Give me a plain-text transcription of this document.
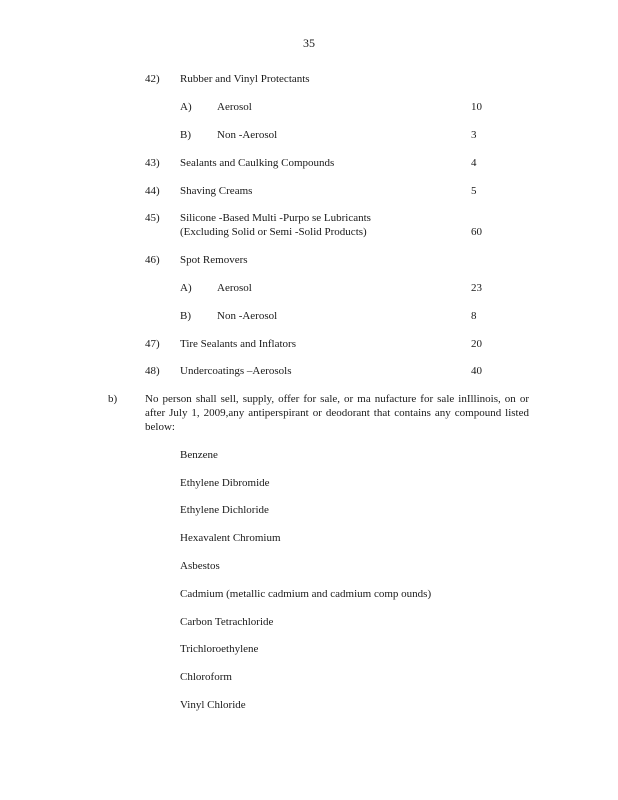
35
42) Rubber and Vinyl Protectants
A) Aerosol	10
B) Non -Aerosol	3
43) Sealants and Caulking Compounds	4
44) Shaving Creams	5
45) Silicone -Based Multi -Purpo se Lubricants
(Excluding Solid or Semi -Solid Products)	60
46) Spot Removers
A) Aerosol	23
B) Non -Aerosol	8
47) Tire Sealants and Inflators	20
48) Undercoatings –Aerosols	40
b)	No person shall sell, supply, offer for sale, or ma nufacture for sale inIllinois, on or after July 1, 2009,any antiperspirant or deodorant that contains any compound listed below:
Benzene
Ethylene Dibromide
Ethylene Dichloride
Hexavalent Chromium
Asbestos
Cadmium (metallic cadmium and cadmium comp ounds)
Carbon Tetrachloride
Trichloroethylene
Chloroform
Vinyl Chloride
